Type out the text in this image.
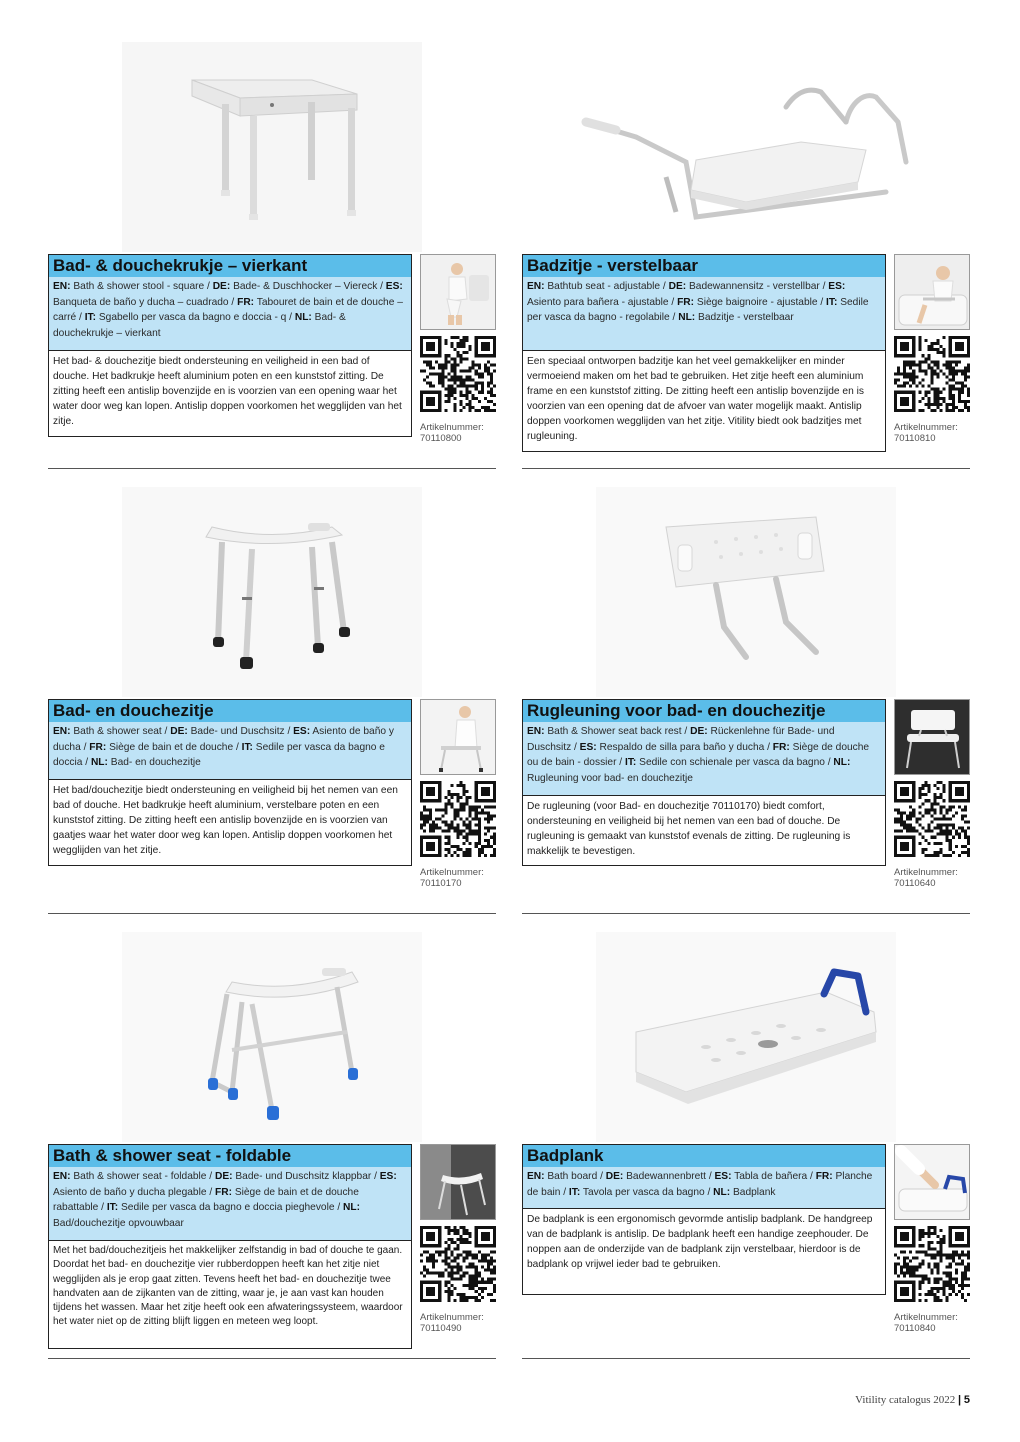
Bad- & douchekrukje – vierkant
EN: Bath & shower stool - square / DE: Bade- & Duschhocker – Viereck / ES: Banqueta de baño y ducha – cuadrado / FR: Tabouret de bain et de douche – carré / IT: Sgabello per vasca da bagno e doccia - q / NL: Bad- & douchekrukje – vierkant
Het bad- & douchezitje biedt ondersteuning en veiligheid in een bad of douche. Het badkrukje heeft aluminium poten en een kunststof zitting. De zitting heeft een antislip bovenzijde en is voorzien van een opening waar het water door weg kan lopen. Antislip doppen voorkomen het wegglijden van het zitje.
Artikelnummer:
70110800
Badzitje - verstelbaar
EN: Bathtub seat - adjustable / DE: Badewannensitz - verstellbar / ES: Asiento para bañera - ajustable / FR: Siège baignoire - ajustable / IT: Sedile per vasca da bagno - regolabile / NL: Badzitje - verstelbaar
Een speciaal ontworpen badzitje kan het veel gemakkelijker en minder vermoeiend maken om het bad te gebruiken. Het zitje heeft een aluminium frame en een kunststof zitting. De zitting heeft een antislip bovenzijde en is voorzien van een opening dat de afvoer van water mogelijk maakt. Antislip doppen voorkomen wegglijden van het zitje. Vitility biedt ook badzitjes met rugleuning.
Artikelnummer:
70110810
Bad- en douchezitje
EN: Bath & shower seat / DE: Bade- und Duschsitz / ES: Asiento de baño y ducha / FR: Siège de bain et de douche / IT: Sedile per vasca da bagno e doccia / NL: Bad- en douchezitje
Het bad/douchezitje biedt ondersteuning en veiligheid bij het nemen van een bad of douche. Het badkrukje heeft aluminium, verstelbare poten en een kunststof zitting. De zitting heeft een antislip bovenzijde en is voorzien van gaatjes waar het water door weg kan lopen. Antislip doppen voorkomen het wegglijden van het zitje.
Artikelnummer:
70110170
Rugleuning voor bad- en douchezitje
EN: Bath & Shower seat back rest / DE: Rückenlehne für Bade- und Duschsitz / ES: Respaldo de silla para baño y ducha / FR: Siège de douche ou de bain - dossier / IT: Sedile con schienale per vasca da bagno / NL: Rugleuning voor bad- en douchezitje
De rugleuning (voor Bad- en douchezitje 70110170) biedt comfort, ondersteuning en veiligheid bij het nemen van een bad of douche. De rugleuning is gemaakt van kunststof evenals de zitting. De rugleuning is makkelijk te bevestigen.
Artikelnummer:
70110640
Bath & shower seat - foldable
EN: Bath & shower seat - foldable / DE: Bade- und Duschsitz klappbar / ES: Asiento de baño y ducha plegable / FR: Siège de bain et de douche rabattable / IT: Sedile per vasca da bagno e doccia pieghevole / NL: Bad/douchezitje opvouwbaar
Met het bad/douchezitjeis het makkelijker zelfstandig in bad of douche te gaan. Doordat het bad- en douchezitje vier rubberdoppen heeft kan het zitje niet wegglijden als je erop gaat zitten. Tevens heeft het bad- en douchezitje twee handvaten aan de zijkanten van de zitting, waar je, je aan vast kan houden tijdens het wassen. Maar het zitje heeft ook een afwateringssysteem, waardoor het water niet op de zitting blijft liggen en meteen weg loopt.	Artikelnummer:
70110490
Badplank
EN: Bath board / DE: Badewannenbrett / ES: Tabla de bañera / FR: Planche de bain / IT: Tavola per vasca da bagno / NL: Badplank
De badplank is een ergonomisch gevormde antislip badplank. De handgreep van de badplank is antislip. De badplank heeft een handige zeephouder. De noppen aan de onderzijde van de badplank zijn verstelbaar, hierdoor is de badplank op vrijwel ieder bad te gebruiken.
Artikelnummer:
70110840
Vitility catalogus 2022 | 5
